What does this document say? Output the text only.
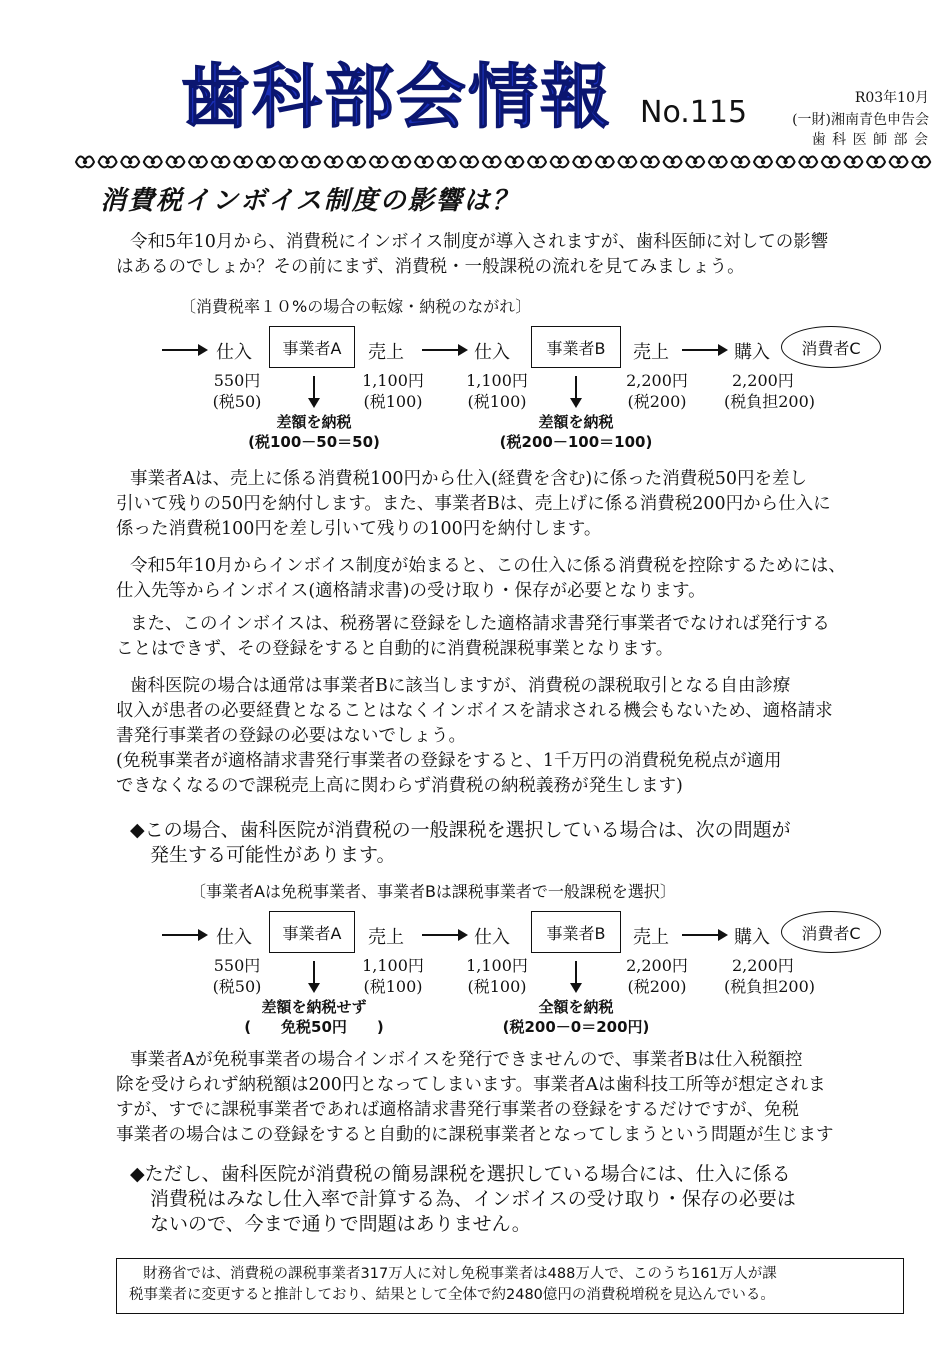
歯科部会情報 No.115	R03年10月
(一財)湘南青色申告会
歯 科 医 師 部 会
消費税インボイス制度の影響は？

令和5年10月から、消費税にインボイス制度が導入されますが、歯科医師に対しての影響

はあるのでしょか？その前にまず、消費税・一般課税の流れを見てみましょう。

〔消費税率１０%の場合の転嫁・納税のながれ〕
仕入	事業者A	売上	仕入	事業者B	売上	購入	消費者C
550円
(税50)
1,100円
(税100)
1,100円
(税100)
2,200円
(税200)
2,200円
(税負担200)
差額を納税
(税100－50＝50)
差額を納税
(税200－100＝100)

事業者Aは、売上に係る消費税100円から仕入(経費を含む)に係った消費税50円を差し

引いて残りの50円を納付します。また、事業者Bは、売上げに係る消費税200円から仕入に

係った消費税100円を差し引いて残りの100円を納付します。

令和5年10月からインボイス制度が始まると、この仕入に係る消費税を控除するためには、

仕入先等からインボイス(適格請求書)の受け取り・保存が必要となります。

また、このインボイスは、税務署に登録をした適格請求書発行事業者でなければ発行する

ことはできず、その登録をすると自動的に消費税課税事業となります。

歯科医院の場合は通常は事業者Bに該当しますが、消費税の課税取引となる自由診療

収入が患者の必要経費となることはなくインボイスを請求される機会もないため、適格請求

書発行事業者の登録の必要はないでしょう。

(免税事業者が適格請求書発行事業者の登録をすると、1千万円の消費税免税点が適用

できなくなるので課税売上高に関わらず消費税の納税義務が発生します)

◆この場合、歯科医院が消費税の一般課税を選択している場合は、次の問題が
発生する可能性があります。
〔事業者Aは免税事業者、事業者Bは課税事業者で一般課税を選択〕
仕入	事業者A	売上	仕入	事業者B	売上	購入	消費者C
550円
(税50)
1,100円
(税100)
1,100円
(税100)
2,200円
(税200)
2,200円
(税負担200)
差額を納税せず
(　　免税50円　　)
全額を納税
(税200－0＝200円)

事業者Aが免税事業者の場合インボイスを発行できませんので、事業者Bは仕入税額控

除を受けられず納税額は200円となってしまいます。事業者Aは歯科技工所等が想定されま

すが、すでに課税事業者であれば適格請求書発行事業者の登録をするだけですが、免税

事業者の場合はこの登録をすると自動的に課税事業者となってしまうという問題が生じます

◆ただし、歯科医院が消費税の簡易課税を選択している場合には、仕入に係る
消費税はみなし仕入率で計算する為、インボイスの受け取り・保存の必要は
ないので、今まで通りで問題はありません。
財務省では、消費税の課税事業者317万人に対し免税事業者は488万人で、このうち161万人が課
税事業者に変更すると推計しており、結果として全体で約2480億円の消費税増税を見込んでいる。
